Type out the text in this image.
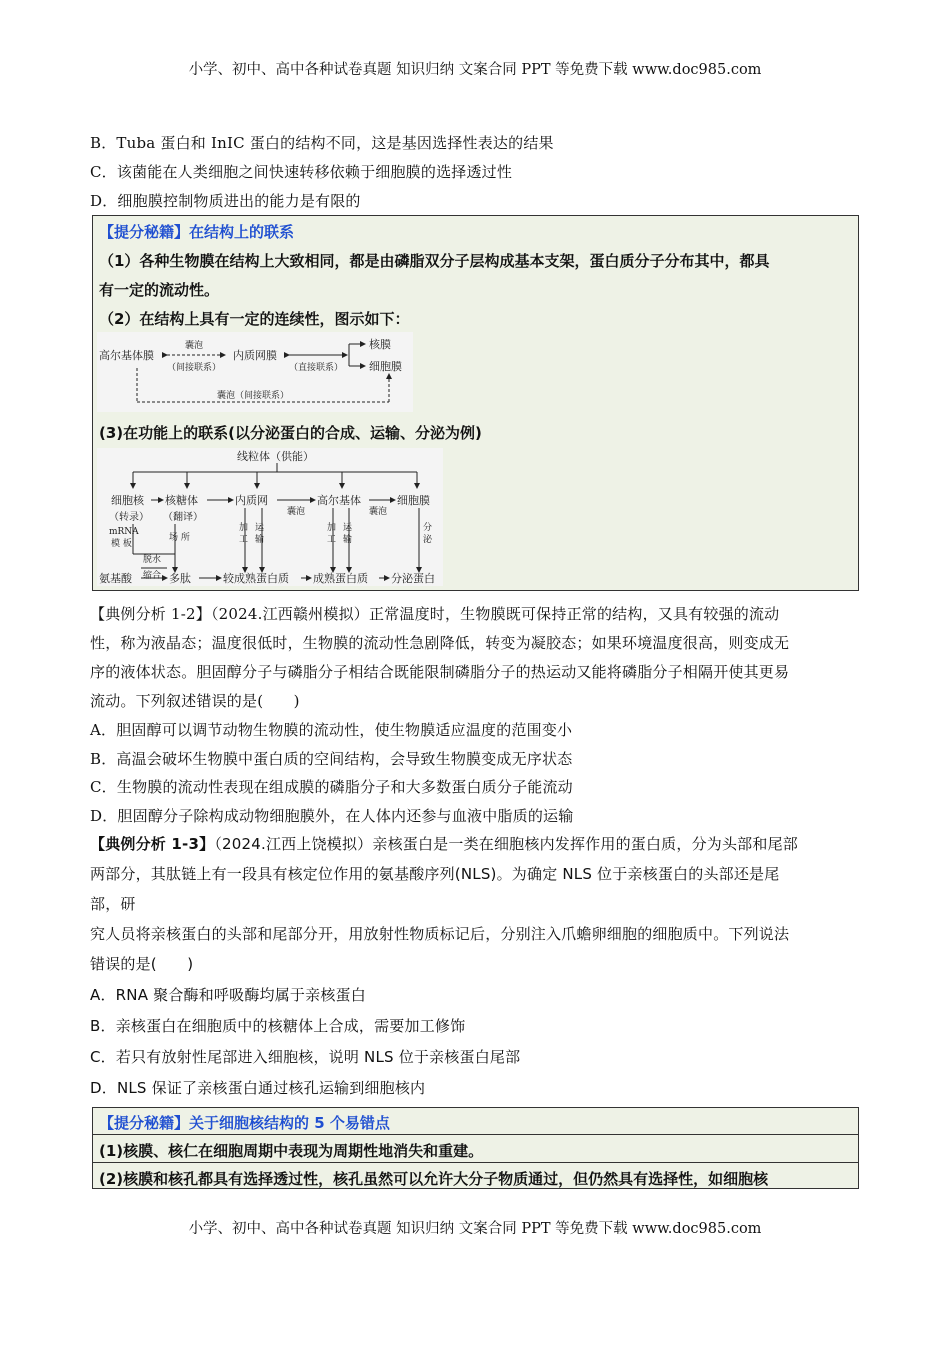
小学、初中、高中各种试卷真题 知识归纳 文案合同 PPT 等免费下载 www.doc985.com
B．Tuba 蛋白和 InIC 蛋白的结构不同，这是基因选择性表达的结果
C．该菌能在人类细胞之间快速转移依赖于细胞膜的选择透过性
D．细胞膜控制物质进出的能力是有限的
【提分秘籍】在结构上的联系
（1）各种生物膜在结构上大致相同，都是由磷脂双分子层构成基本支架，蛋白质分子分布其中，都具
有一定的流动性。
（2）在结构上具有一定的连续性，图示如下：
高尔基体膜
囊泡
（间接联系）
内质网膜
（直接联系）
核膜
细胞膜
囊泡（间接联系）
(3)在功能上的联系(以分泌蛋白的合成、运输、分泌为例)
线粒体（供能）
细胞核
（转录）
核糖体
（翻译）
内质网
囊泡
高尔基体
囊泡
细胞膜
mRNA
模 板
场 所
加
工
运
输
加
工
运
输
分
泌
氨基酸
脱水
缩合 多肽	较成熟蛋白质 成熟蛋白质 分泌蛋白
【典例分析 1-2】（2024.江西赣州模拟）正常温度时，生物膜既可保持正常的结构，又具有较强的流动
性，称为液晶态；温度很低时，生物膜的流动性急剧降低，转变为凝胶态；如果环境温度很高，则变成无
序的液体状态。胆固醇分子与磷脂分子相结合既能限制磷脂分子的热运动又能将磷脂分子相隔开使其更易
流动。下列叙述错误的是(　　)
A．胆固醇可以调节动物生物膜的流动性，使生物膜适应温度的范围变小
B．高温会破坏生物膜中蛋白质的空间结构，会导致生物膜变成无序状态
C．生物膜的流动性表现在组成膜的磷脂分子和大多数蛋白质分子能流动
D．胆固醇分子除构成动物细胞膜外，在人体内还参与血液中脂质的运输
【典例分析 1-3】（2024.江西上饶模拟）亲核蛋白是一类在细胞核内发挥作用的蛋白质，分为头部和尾部
两部分，其肽链上有一段具有核定位作用的氨基酸序列(NLS)。为确定 NLS 位于亲核蛋白的头部还是尾
部，研
究人员将亲核蛋白的头部和尾部分开，用放射性物质标记后，分别注入爪蟾卵细胞的细胞质中。下列说法
错误的是(　　)
A．RNA 聚合酶和呼吸酶均属于亲核蛋白
B．亲核蛋白在细胞质中的核糖体上合成，需要加工修饰
C．若只有放射性尾部进入细胞核，说明 NLS 位于亲核蛋白尾部
D．NLS 保证了亲核蛋白通过核孔运输到细胞核内
【提分秘籍】关于细胞核结构的 5 个易错点
(1)核膜、核仁在细胞周期中表现为周期性地消失和重建。
(2)核膜和核孔都具有选择透过性，核孔虽然可以允许大分子物质通过，但仍然具有选择性，如细胞核
小学、初中、高中各种试卷真题 知识归纳 文案合同 PPT 等免费下载 www.doc985.com
